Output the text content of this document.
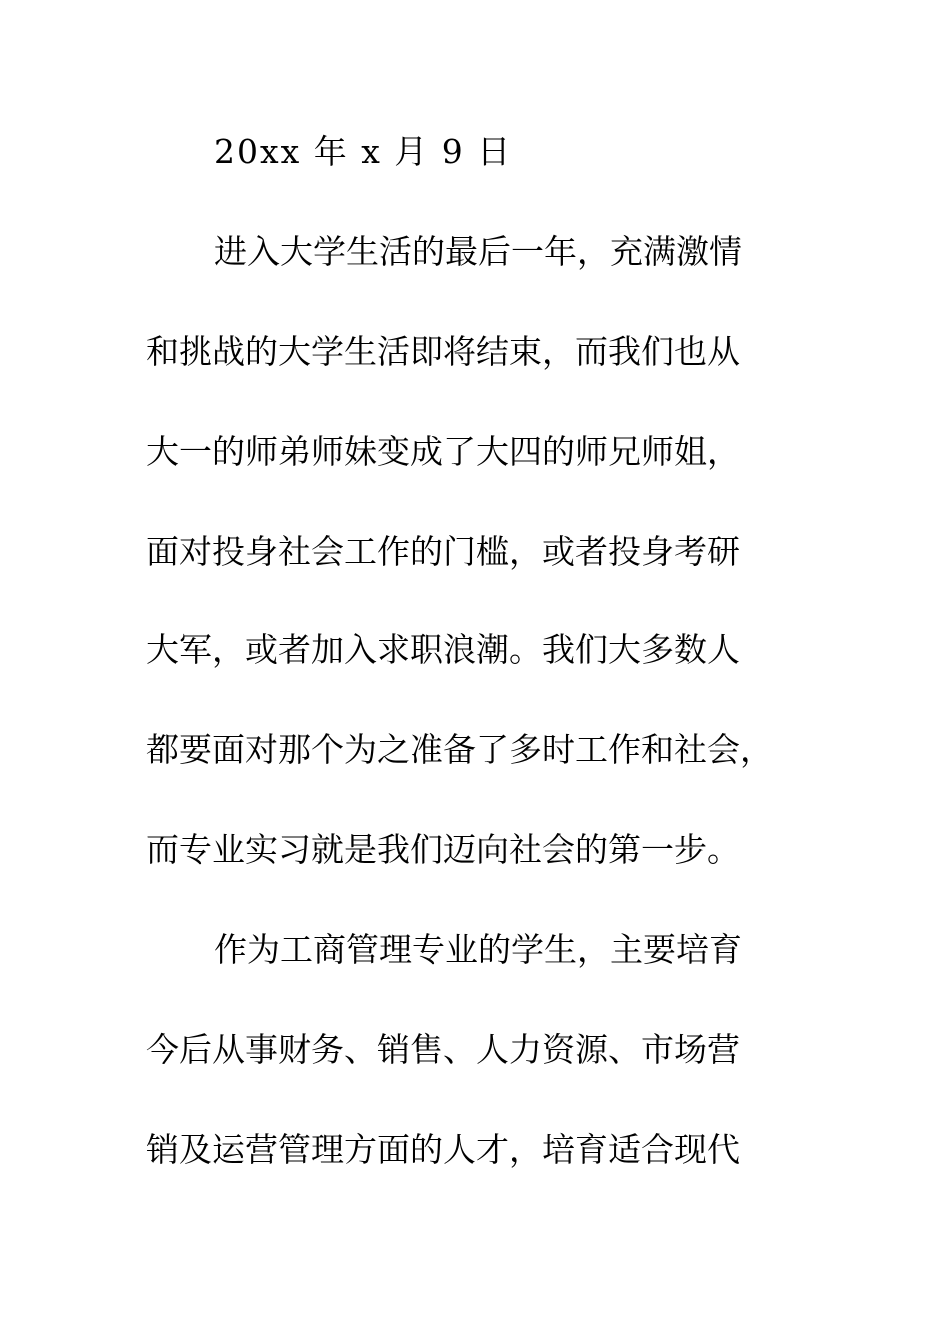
20xx 年 x 月 9 日
进入大学生活的最后一年，充满激情
和挑战的大学生活即将结束，而我们也从
大一的师弟师妹变成了大四的师兄师姐，
面对投身社会工作的门槛，或者投身考研
大军，或者加入求职浪潮。我们大多数人
都要面对那个为之准备了多时工作和社会，
而专业实习就是我们迈向社会的第一步。
作为工商管理专业的学生，主要培育
今后从事财务、销售、人力资源、市场营
销及运营管理方面的人才，培育适合现代
